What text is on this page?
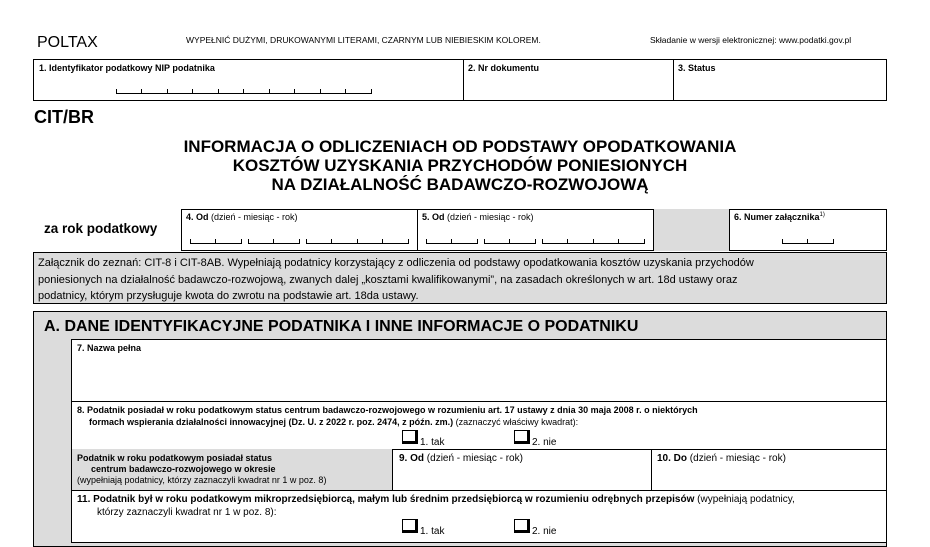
POLTAX	WYPEŁNIĆ DUŻYMI, DRUKOWANYMI LITERAMI, CZARNYM LUB NIEBIESKIM KOLOREM.	Składanie w wersji elektronicznej: www.podatki.gov.pl
1. Identyfikator podatkowy NIP podatnika	2. Nr dokumentu	3. Status
CIT/BR
INFORMACJA O ODLICZENIACH OD PODSTAWY OPODATKOWANIA
KOSZTÓW UZYSKANIA PRZYCHODÓW PONIESIONYCH
NA DZIAŁALNOŚĆ BADAWCZO-ROZWOJOWĄ
za rok podatkowy
4. Od (dzień - miesiąc - rok)	5. Od (dzień - miesiąc - rok)	6. Numer załącznika$^{1)}$
Załącznik do zeznań: CIT-8 i CIT-8AB. Wypełniają podatnicy korzystający z odliczenia od podstawy opodatkowania kosztów uzyskania przychodów
poniesionych na działalność badawczo-rozwojową, zwanych dalej „kosztami kwalifikowanymi”, na zasadach określonych w art. 18d ustawy oraz
podatnicy, którym przysługuje kwota do zwrotu na podstawie art. 18da ustawy.
A. DANE IDENTYFIKACYJNE PODATNIKA I INNE INFORMACJE O PODATNIKU
7. Nazwa pełna
8. Podatnik posiadał w roku podatkowym status centrum badawczo-rozwojowego w rozumieniu art. 17 ustawy z dnia 30 maja 2008 r. o niektórych
formach wspierania działalności innowacyjnej (Dz. U. z 2022 r. poz. 2474, z późn. zm.) (zaznaczyć właściwy kwadrat):
1. tak	2. nie
Podatnik w roku podatkowym posiadał status
centrum badawczo-rozwojowego w okresie
(wypełniają podatnicy, którzy zaznaczyli kwadrat nr 1 w poz. 8)
9. Od (dzień - miesiąc - rok)	10. Do (dzień - miesiąc - rok)
11. Podatnik był w roku podatkowym mikroprzedsiębiorcą, małym lub średnim przedsiębiorcą w rozumieniu odrębnych przepisów (wypełniają podatnicy,
którzy zaznaczyli kwadrat nr 1 w poz. 8):
1. tak	2. nie
